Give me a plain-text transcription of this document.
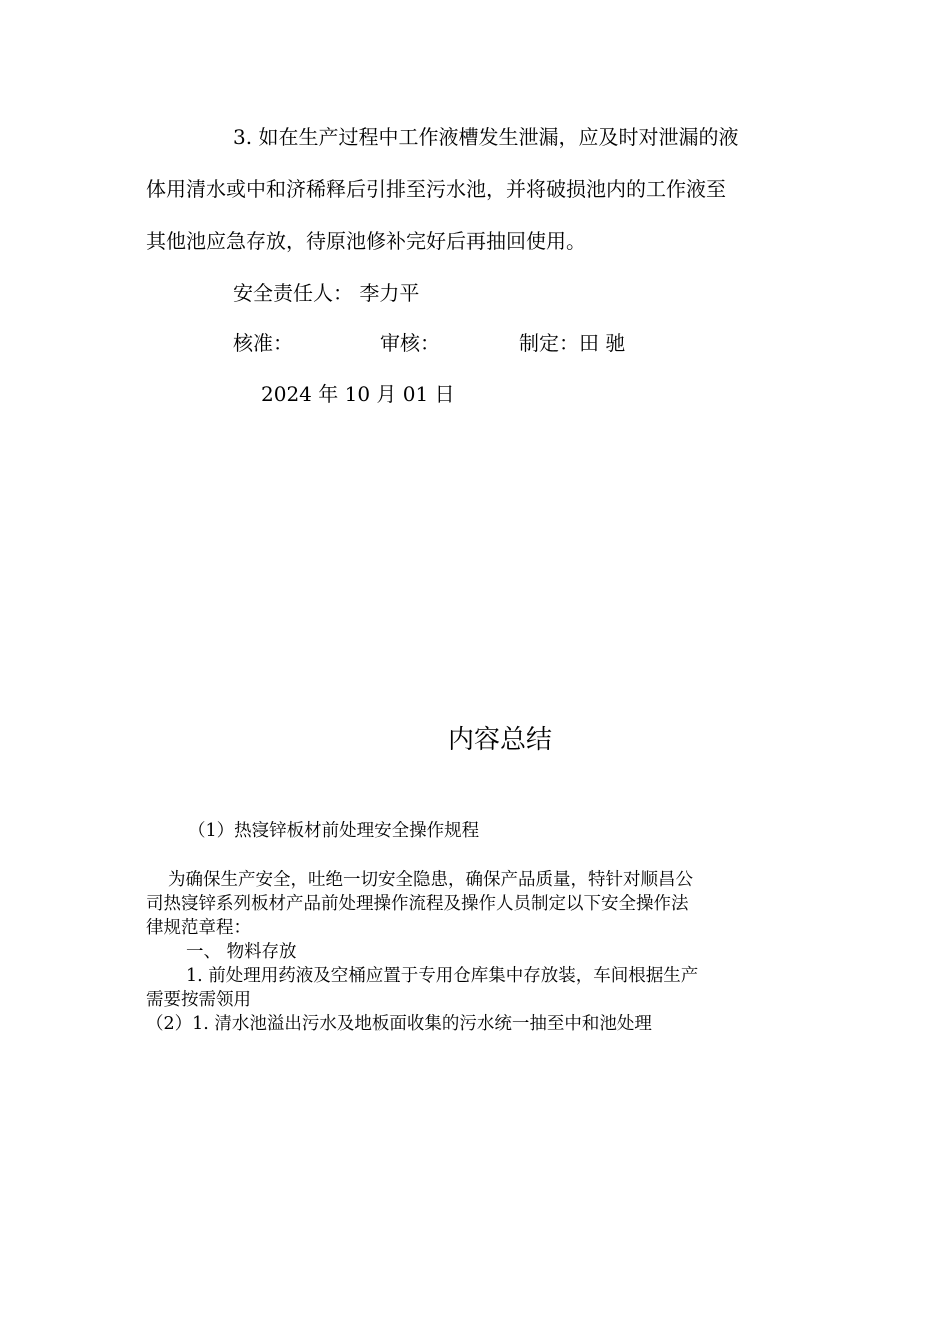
3. 如在生产过程中工作液槽发生泄漏，应及时对泄漏的液
体用清水或中和济稀释后引排至污水池，并将破损池内的工作液至
其他池应急存放，待原池修补完好后再抽回使用。
安全责任人： 李力平
核准：	审核：	制定：田 驰
2024 年 10 月 01 日
内容总结
（1）热寖锌板材前处理安全操作规程
为确保生产安全，吐绝一切安全隐患，确保产品质量，特针对顺昌公
司热寖锌系列板材产品前处理操作流程及操作人员制定以下安全操作法
律规范章程：
一、 物料存放
1. 前处理用药液及空桶应置于专用仓库集中存放装，车间根据生产
需要按需领用
（2）1. 清水池溢出污水及地板面收集的污水统一抽至中和池处理
